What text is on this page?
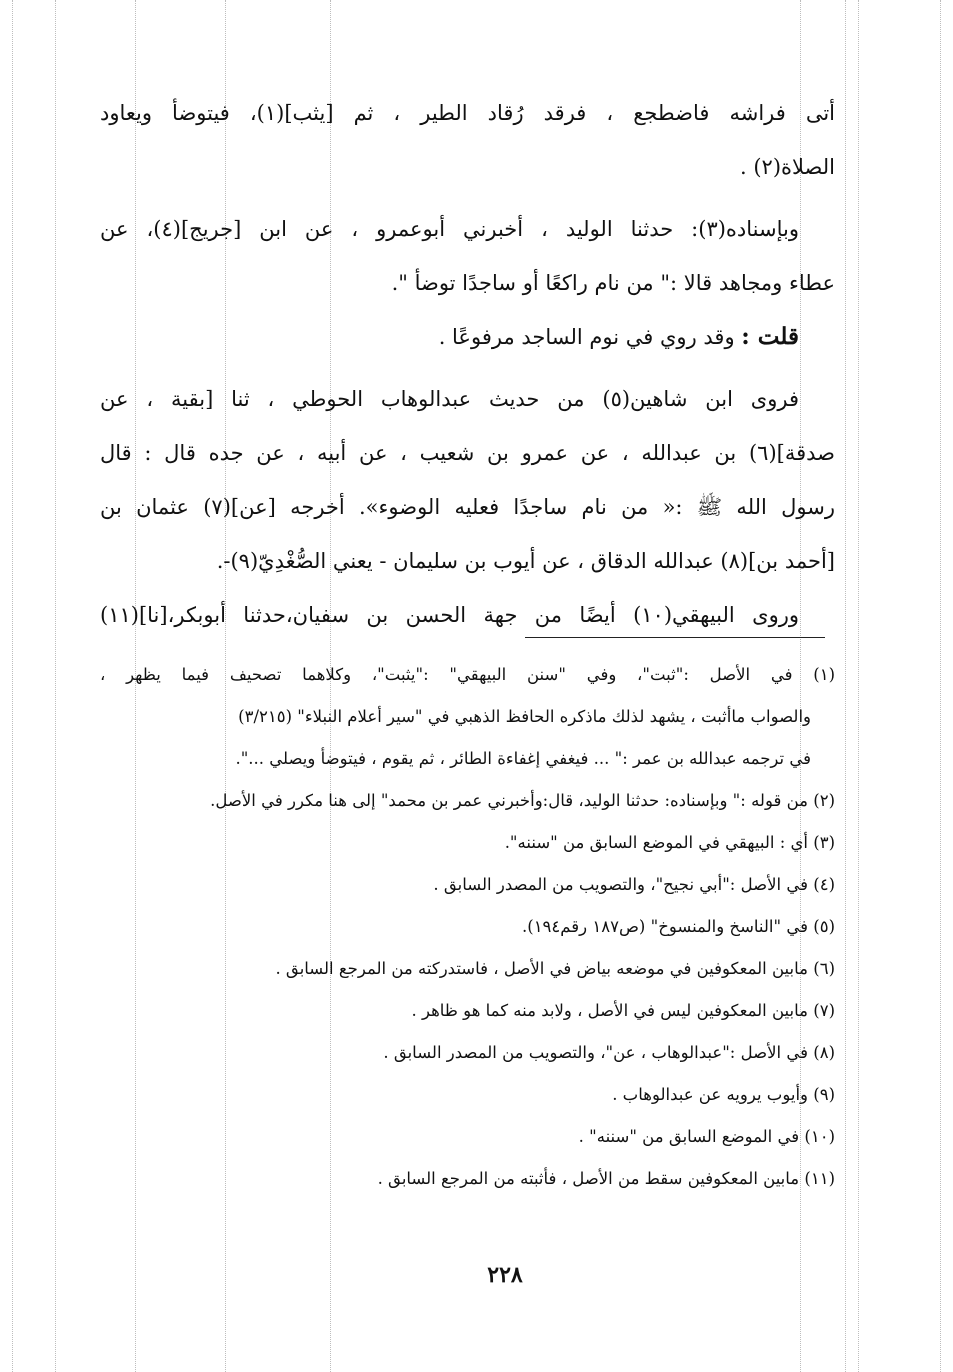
أتى فراشه فاضطجع ، فرقد رُقاد الطير ، ثم [يثب](١)، فيتوضأ ويعاود
الصلاة(٢) .
وبإسناده(٣): حدثنا الوليد ، أخبرني أبوعمرو ، عن ابن [جريج](٤)، عن
عطاء ومجاهد قالا :" من نام راكعًا أو ساجدًا توضأ ".
قلت : وقد روي في نوم الساجد مرفوعًا .
فروى ابن شاهين(٥) من حديث عبدالوهاب الحوطي ، ثنا [بقية ، عن
صدقة](٦) بن عبدالله ، عن عمرو بن شعيب ، عن أبيه ، عن جده قال : قال
رسول الله ﷺ :« من نام ساجدًا فعليه الوضوء». أخرجه [عن](٧) عثمان بن
[أحمد بن](٨) عبدالله الدقاق ، عن أيوب بن سليمان - يعني الصُّغْدِيّ(٩)-.
وروى البيهقي(١٠) أيضًا من جهة الحسن بن سفيان،حدثنا أبوبكر،[نا](١١)
(١) في الأصل :"ثبت"، وفي "سنن البيهقي" :"يثبت"، وكلاهما تصحيف فيما يظهر ،
والصواب ماأثبت ، يشهد لذلك ماذكره الحافظ الذهبي في "سير أعلام النبلاء" (٣/٢١٥)
في ترجمه عبدالله بن عمر :" ... فيغفي إغفاءة الطائر ، ثم يقوم ، فيتوضأ ويصلي ...".
(٢) من قوله :" وبإسناده: حدثنا الوليد، قال:وأخبرني عمر بن محمد" إلى هنا مكرر في الأصل.
(٣) أي : البيهقي في الموضع السابق من "سننه".
(٤) في الأصل :"أبي نجيح"، والتصويب من المصدر السابق .
(٥) في "الناسخ والمنسوخ" (ص١٨٧ رقم١٩٤).
(٦) مابين المعكوفين في موضعه بياض في الأصل ، فاستدركته من المرجع السابق .
(٧) مابين المعكوفين ليس في الأصل ، ولابد منه كما هو ظاهر .
(٨) في الأصل :"عبدالوهاب ، عن"، والتصويب من المصدر السابق .
(٩) وأيوب يرويه عن عبدالوهاب .
(١٠) في الموضع السابق من "سننه" .
(١١) مابين المعكوفين سقط من الأصل ، فأثبته من المرجع السابق .
٢٢٨
